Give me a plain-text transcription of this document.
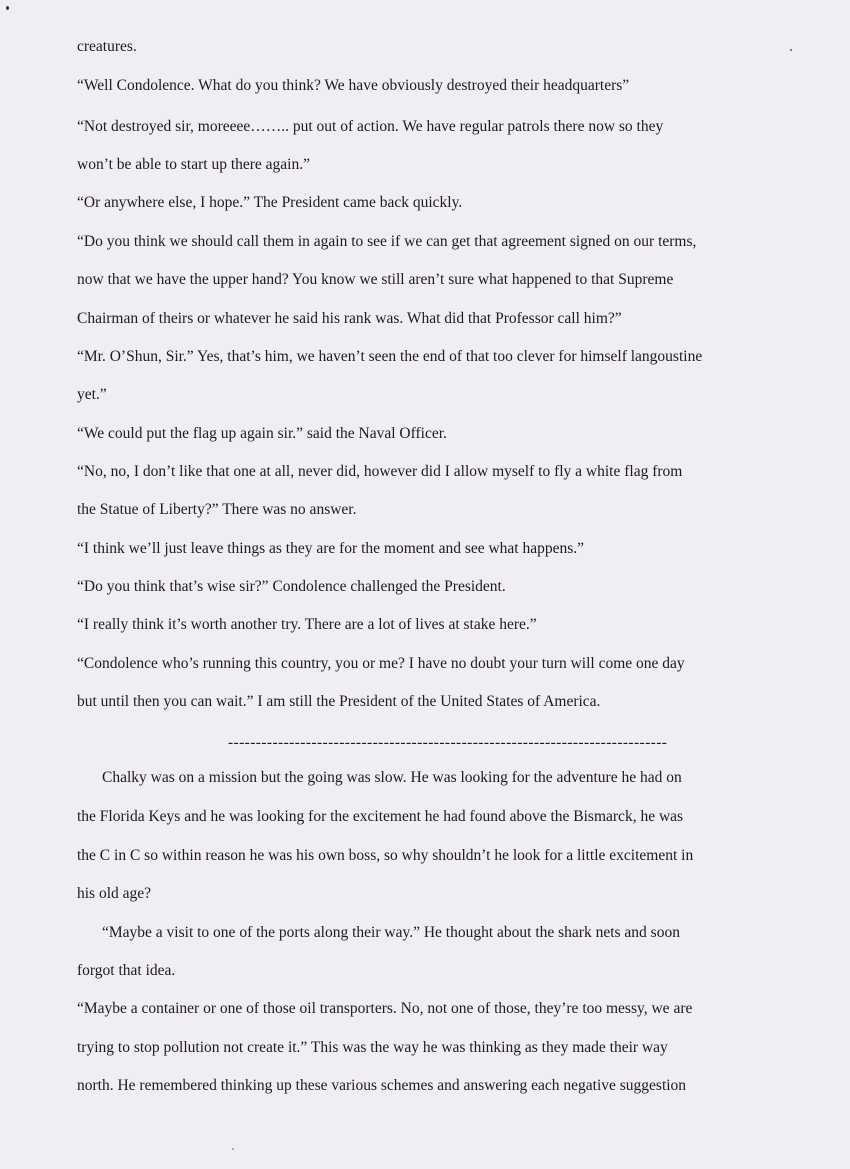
creatures.
“Well Condolence. What do you think? We have obviously destroyed their headquarters”
“Not destroyed sir, moreeee…….. put out of action. We have regular patrols there now so they
won’t be able to start up there again.”
“Or anywhere else, I hope.” The President came back quickly.
“Do you think we should call them in again to see if we can get that agreement signed on our terms,
now that we have the upper hand? You know we still aren’t sure what happened to that Supreme
Chairman of theirs or whatever he said his rank was. What did that Professor call him?”
“Mr. O’Shun, Sir.” Yes, that’s him, we haven’t seen the end of that too clever for himself langoustine
yet.”
“We could put the flag up again sir.” said the Naval Officer.
“No, no, I don’t like that one at all, never did, however did I allow myself to fly a white flag from
the Statue of Liberty?” There was no answer.
“I think we’ll just leave things as they are for the moment and see what happens.”
“Do you think that’s wise sir?” Condolence challenged the President.
“I really think it’s worth another try. There are a lot of lives at stake here.”
“Condolence who’s running this country, you or me? I have no doubt your turn will come one day
but until then you can wait.” I am still the President of the United States of America.
-------------------------------------------------------------------------------
Chalky was on a mission but the going was slow. He was looking for the adventure he had on
the Florida Keys and he was looking for the excitement he had found above the Bismarck, he was
the C in C so within reason he was his own boss, so why shouldn’t he look for a little excitement in
his old age?
“Maybe a visit to one of the ports along their way.” He thought about the shark nets and soon
forgot that idea.
“Maybe a container or one of those oil transporters. No, not one of those, they’re too messy, we are
trying to stop pollution not create it.” This was the way he was thinking as they made their way
north. He remembered thinking up these various schemes and answering each negative suggestion
